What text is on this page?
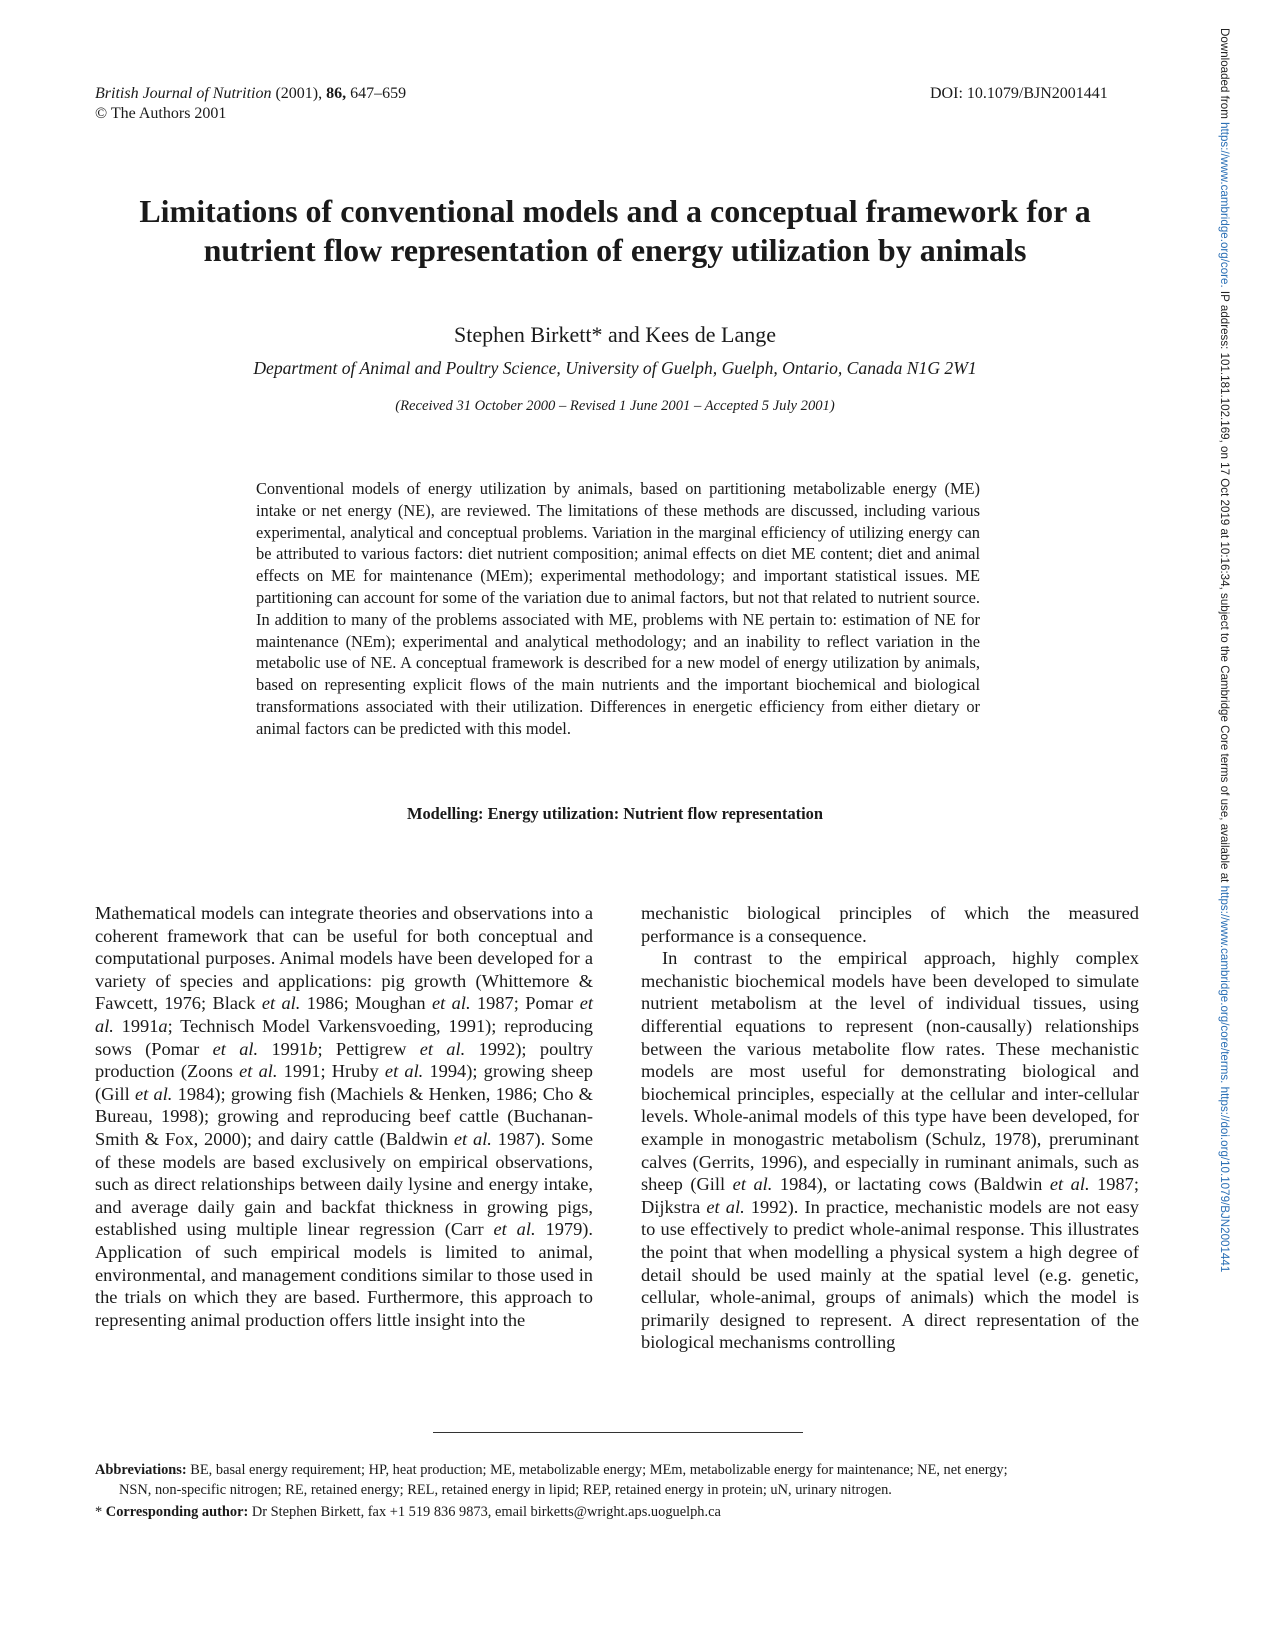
British Journal of Nutrition (2001), 86, 647–659
© The Authors 2001
DOI: 10.1079/BJN2001441	Downloaded from https://www.cambridge.org/core. IP address: 101.181.102.169, on 17 Oct 2019 at 10:16:34, subject to the Cambridge Core terms of use, available at https://www.cambridge.org/core/terms. https://doi.org/10.1079/BJN2001441
Limitations of conventional models and a conceptual framework for a nutrient flow representation of energy utilization by animals
Stephen Birkett* and Kees de Lange
Department of Animal and Poultry Science, University of Guelph, Guelph, Ontario, Canada N1G 2W1
(Received 31 October 2000 – Revised 1 June 2001 – Accepted 5 July 2001)
Conventional models of energy utilization by animals, based on partitioning metabolizable energy (ME) intake or net energy (NE), are reviewed. The limitations of these methods are discussed, including various experimental, analytical and conceptual problems. Variation in the marginal efficiency of utilizing energy can be attributed to various factors: diet nutrient composition; animal effects on diet ME content; diet and animal effects on ME for maintenance (MEm); experimental methodology; and important statistical issues. ME partitioning can account for some of the variation due to animal factors, but not that related to nutrient source. In addition to many of the problems associated with ME, problems with NE pertain to: estimation of NE for maintenance (NEm); experimental and analytical methodology; and an inability to reflect variation in the metabolic use of NE. A conceptual framework is described for a new model of energy utilization by animals, based on representing explicit flows of the main nutrients and the important biochemical and biological transformations associated with their utilization. Differences in energetic efficiency from either dietary or animal factors can be predicted with this model.
Modelling: Energy utilization: Nutrient flow representation

Mathematical models can integrate theories and observations into a coherent framework that can be useful for both conceptual and computational purposes. Animal models have been developed for a variety of species and applications: pig growth (Whittemore & Fawcett, 1976; Black et al. 1986; Moughan et al. 1987; Pomar et al. 1991a; Technisch Model Varkensvoeding, 1991); reproducing sows (Pomar et al. 1991b; Pettigrew et al. 1992); poultry production (Zoons et al. 1991; Hruby et al. 1994); growing sheep (Gill et al. 1984); growing fish (Machiels & Henken, 1986; Cho & Bureau, 1998); growing and reproducing beef cattle (Buchanan-Smith & Fox, 2000); and dairy cattle (Baldwin et al. 1987). Some of these models are based exclusively on empirical observations, such as direct relationships between daily lysine and energy intake, and average daily gain and backfat thickness in growing pigs, established using multiple linear regression (Carr et al. 1979). Application of such empirical models is limited to animal, environmental, and management conditions similar to those used in the trials on which they are based. Furthermore, this approach to representing animal production offers little insight into the

mechanistic biological principles of which the measured performance is a consequence.

In contrast to the empirical approach, highly complex mechanistic biochemical models have been developed to simulate nutrient metabolism at the level of individual tissues, using differential equations to represent (non-causally) relationships between the various metabolite flow rates. These mechanistic models are most useful for demonstrating biological and biochemical principles, especially at the cellular and inter-cellular levels. Whole-animal models of this type have been developed, for example in monogastric metabolism (Schulz, 1978), preruminant calves (Gerrits, 1996), and especially in ruminant animals, such as sheep (Gill et al. 1984), or lactating cows (Baldwin et al. 1987; Dijkstra et al. 1992). In practice, mechanistic models are not easy to use effectively to predict whole-animal response. This illustrates the point that when modelling a physical system a high degree of detail should be used mainly at the spatial level (e.g. genetic, cellular, whole-animal, groups of animals) which the model is primarily designed to represent. A direct representation of the biological mechanisms controlling

Abbreviations: BE, basal energy requirement; HP, heat production; ME, metabolizable energy; MEm, metabolizable energy for maintenance; NE, net energy;
NSN, non-specific nitrogen; RE, retained energy; REL, retained energy in lipid; REP, retained energy in protein; uN, urinary nitrogen.
* Corresponding author: Dr Stephen Birkett, fax +1 519 836 9873, email birketts@wright.aps.uoguelph.ca
